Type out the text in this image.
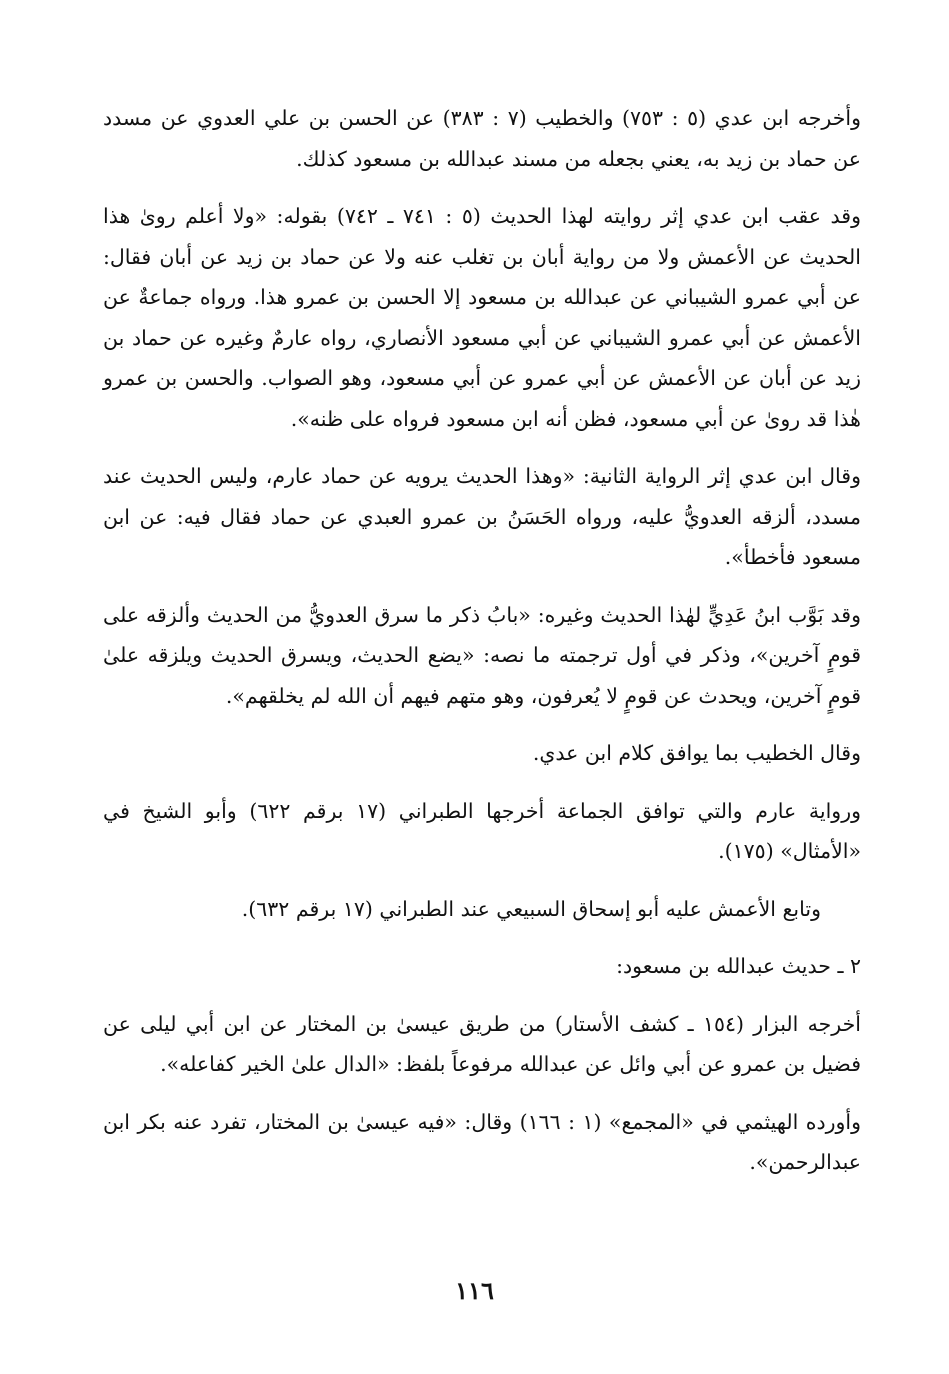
وأخرجه ابن عدي (٥ : ٧٥٣) والخطيب (٧ : ٣٨٣) عن الحسن بن علي العدوي عن مسدد عن حماد بن زيد به، يعني بجعله من مسند عبدالله بن مسعود كذلك.

وقد عقب ابن عدي إثر روايته لهذا الحديث (٥ : ٧٤١ ـ ٧٤٢) بقوله: «ولا أعلم روىٰ هذا الحديث عن الأعمش ولا من رواية أبان بن تغلب عنه ولا عن حماد بن زيد عن أبان فقال: عن أبي عمرو الشيباني عن عبدالله بن مسعود إلا الحسن بن عمرو هذا. ورواه جماعةٌ عن الأعمش عن أبي عمرو الشيباني عن أبي مسعود الأنصاري، رواه عارمٌ وغيره عن حماد بن زيد عن أبان عن الأعمش عن أبي عمرو عن أبي مسعود، وهو الصواب. والحسن بن عمرو هٰذا قد روىٰ عن أبي مسعود، فظن أنه ابن مسعود فرواه على ظنه».

وقال ابن عدي إثر الرواية الثانية: «وهذا الحديث يرويه عن حماد عارم، وليس الحديث عند مسدد، ألزقه العدويُّ عليه، ورواه الحَسَنُ بن عمرو العبدي عن حماد فقال فيه: عن ابن مسعود فأخطأ».

وقد بَوَّب ابنُ عَدِيٍّ لهٰذا الحديث وغيره: «بابُ ذكر ما سرق العدويُّ من الحديث وألزقه على قومٍ آخرين»، وذكر في أول ترجمته ما نصه: «يضع الحديث، ويسرق الحديث ويلزقه علىٰ قومٍ آخرين، ويحدث عن قومٍ لا يُعرفون، وهو متهم فيهم أن الله لم يخلقهم».

وقال الخطيب بما يوافق كلام ابن عدي.

ورواية عارم والتي توافق الجماعة أخرجها الطبراني (١٧ برقم ٦٢٢) وأبو الشيخ في «الأمثال» (١٧٥).

وتابع الأعمش عليه أبو إسحاق السبيعي عند الطبراني (١٧ برقم ٦٣٢).

٢ ـ حديث عبدالله بن مسعود:

أخرجه البزار (١٥٤ ـ كشف الأستار) من طريق عيسىٰ بن المختار عن ابن أبي ليلى عن فضيل بن عمرو عن أبي وائل عن عبدالله مرفوعاً بلفظ: «الدال علىٰ الخير كفاعله».

وأورده الهيثمي في «المجمع» (١ : ١٦٦) وقال: «فيه عيسىٰ بن المختار، تفرد عنه بكر ابن عبدالرحمن».

١١٦
